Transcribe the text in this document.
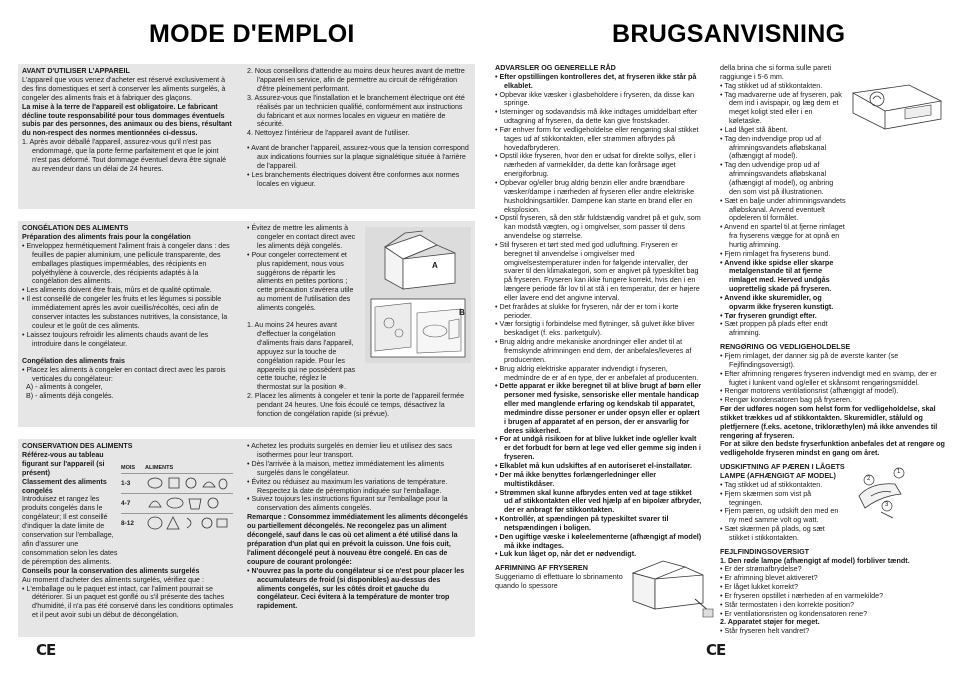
MODE D'EMPLOI	BRUGSANVISNING

AVANT D'UTILISER L'APPAREIL

L'appareil que vous venez d'acheter est réservé exclusivement à des fins domestiques et sert à conserver les aliments surgelés, à congeler des aliments frais et à fabriquer des glaçons.

La mise à la terre de l'appareil est obligatoire. Le fabricant décline toute responsabilité pour tous dommages éventuels subis par des personnes, des animaux ou des biens, résultant du non-respect des normes mentionnées ci-dessus.

1. Après avoir déballé l'appareil, assurez-vous qu'il n'est pas endommagé, que la porte ferme parfaitement et que le joint n'est pas déformé. Tout dommage éventuel devra être signalé au revendeur dans un délai de 24 heures.

2. Nous conseillons d'attendre au moins deux heures avant de mettre l'appareil en service, afin de permettre au circuit de réfrigération d'être pleinement performant.

3. Assurez-vous que l'installation et le branchement électrique ont été réalisés par un technicien qualifié, conformément aux instructions du fabricant et aux normes locales en vigueur en matière de sécurité.

4. Nettoyez l'intérieur de l'appareil avant de l'utiliser.

• Avant de brancher l'appareil, assurez-vous que la tension correspond aux indications fournies sur la plaque signalétique située à l'arrière de l'appareil.

• Les branchements électriques doivent être conformes aux normes locales en vigueur.

CONGÉLATION DES ALIMENTS

Préparation des aliments frais pour la congélation

• Enveloppez hermétiquement l'aliment frais à congeler dans : des feuilles de papier aluminium, une pellicule transparente, des emballages plastiques imperméables, des récipients en polyéthylène à couvercle, des récipients adaptés à la congélation des aliments.

• Les aliments doivent être frais, mûrs et de qualité optimale.

• Il est conseillé de congeler les fruits et les légumes si possible immédiatement après les avoir cueillis/récoltés, ceci afin de conserver intactes les substances nutritives, la consistance, la couleur et le goût de ces aliments.

• Laissez toujours refroidir les aliments chauds avant de les introduire dans le congélateur.

Congélation des aliments frais

• Placez les aliments à congeler en contact direct avec les parois verticales du congélateur:

A) - aliments à congeler,

B) - aliments déjà congelés.

• Évitez de mettre les aliments à congeler en contact direct avec les aliments déjà congelés.

• Pour congeler correctement et plus rapidement, nous vous suggérons de répartir les aliments en petites portions ; cette précaution s'avérera utile au moment de l'utilisation des aliments congelés.

1. Au moins 24 heures avant d'effectuer la congélation d'aliments frais dans l'appareil, appuyez sur la touche de congélation rapide. Pour les appareils qui ne possèdent pas cette touche, réglez le thermostat sur la position ❄.

2. Placez les aliments à congeler et tenir la porte de l'appareil fermée pendant 24 heures. Une fois écoulé ce temps, désactivez la fonction de congélation rapide (si prévue).

A
B

CONSERVATION DES ALIMENTS

Référez-vous au tableau figurant sur l'appareil (si présent)

Classement des aliments congelés

Introduisez et rangez les produits congelés dans le congélateur; Il est conseillé d'indiquer la date limite de conservation sur l'emballage, afin d'assurer une consommation selon les dates de péremption des aliments.

Conseils pour la conservation des aliments surgelés

Au moment d'acheter des aliments surgelés, vérifiez que :

• L'emballage ou le paquet est intact, car l'aliment pourrait se détériorer. Si un paquet est gonflé ou s'il présente des taches d'humidité, il n'a pas été conservé dans les conditions optimales et il peut avoir subi un début de décongélation.

MOIS	ALIMENTS
1-3	
4-7	
8-12	

• Achetez les produits surgelés en dernier lieu et utilisez des sacs isothermes pour leur transport.

• Dès l'arrivée à la maison, mettez immédiatement les aliments surgelés dans le congélateur.

• Évitez ou réduisez au maximum les variations de température. Respectez la date de péremption indiquée sur l'emballage.

• Suivez toujours les instructions figurant sur l'emballage pour la conservation des aliments congelés.

Remarque : Consommez immédiatement les aliments décongelés ou partiellement décongelés. Ne recongelez pas un aliment décongelé, sauf dans le cas où cet aliment a été utilisé dans la préparation d'un plat qui en prévoit la cuisson. Une fois cuit, l'aliment décongelé peut à nouveau être congelé. En cas de coupure de courant prolongée:

• N'ouvrez pas la porte du congélateur si ce n'est pour placer les accumulateurs de froid (si disponibles) au-dessus des aliments congelés, sur les côtés droit et gauche du congélateur. Ceci évitera à la température de monter trop rapidement.

ADVARSLER OG GENERELLE RÅD

• Efter opstillingen kontrolleres det, at fryseren ikke står på elkablet.

• Opbevar ikke væsker i glasbeholdere i fryseren, da disse kan springe.

• Isterninger og sodavandsis må ikke indtages umiddelbart efter udtagning af fryseren, da dette kan give frostskader.

• Før enhver form for vedligeholdelse eller rengøring skal stikket tages ud af stikkontakten, eller strømmen afbrydes på hovedafbryderen.

• Opstil ikke fryseren, hvor den er udsat for direkte sollys, eller i nærheden af varmekilder, da dette kan forårsage øget energiforbrug.

• Opbevar og/eller brug aldrig benzin eller andre brændbare væsker/dampe i nærheden af fryseren eller andre elektriske husholdningsartikler. Dampene kan starte en brand eller en eksplosion.

• Opstil fryseren, så den står fuldstændig vandret på et gulv, som kan modstå vægten, og i omgivelser, som passer til dens anvendelse og størrelse.

• Stil fryseren et tørt sted med god udluftning. Fryseren er beregnet til anvendelse i omgivelser med omgivelsestemperaturer inden for følgende intervaller, der svarer til den klimakategori, som er angivet på typeskiltet bag på fryseren. Fryseren kan ikke fungere korrekt, hvis den i en længere periode får lov til at stå i en temperatur, der er højere eller lavere end det angivne interval.

• Det frarådes at slukke for fryseren, når der er tom i korte perioder.

• Vær forsigtig i forbindelse med flytninger, så gulvet ikke bliver beskadiget (f. eks. parketgulv).

• Brug aldrig andre mekaniske anordninger eller andet til at fremskynde afrimningen end dem, der anbefales/leveres af producenten.

• Brug aldrig elektriske apparater indvendigt i fryseren, medmindre de er af en type, der er anbefalet af producenten.

• Dette apparat er ikke beregnet til at blive brugt af børn eller personer med fysiske, sensoriske eller mentale handicap eller med manglende erfaring og kendskab til apparatet, medmindre disse personer er under opsyn eller er oplært i brugen af apparatet af en person, der er ansvarlig for deres sikkerhed.

• For at undgå risikoen for at blive lukket inde og/eller kvalt er det forbudt for børn at lege ved eller gemme sig inden i fryseren.

• Elkablet må kun udskiftes af en autoriseret el-installatør.

• Der må ikke benyttes forlængerledninger eller multistikdåser.

• Strømmen skal kunne afbrydes enten ved at tage stikket ud af stikkontakten eller ved hjælp af en bipolær afbryder, der er anbragt før stikkontakten.

• Kontrollér, at spændingen på typeskiltet svarer til netspændingen i boligen.

• Den ugiftige væske i køleelementerne (afhængigt af model) må ikke indtages.

• Luk kun låget op, når det er nødvendigt.

AFRIMNING AF FRYSEREN

Suggeriamo di effettuare lo sbrinamento quando lo spessore

della brina che si forma sulle pareti raggiunge i 5-6 mm.

• Tag stikket ud af stikkontakten.

• Tag madvarerne ude af fryseren, pak dem ind i avispapir, og læg dem et meget koligt sted eller i en køletaske.

• Lad låget stå åbent.

• Tag den indvendige prop ud af afrimningsvandets afløbskanal (afhængigt af model).

• Tag den udvendige prop ud af afrimningsvandets afløbskanal (afhængigt af model), og anbring den som vist på illustrationen.

• Sæt en balje under afrimningsvandets afløbskanal. Anvend eventuelt opdeleren til formålet.

• Anvend en spartel til at fjerne rimlaget fra fryserens vægge for at opnå en hurtig afrimning.

• Fjern rimlaget fra fryserens bund.

• Anvend ikke spidse eller skarpe metalgenstande til at fjerne rimlaget med. Herved undgås uoprettelig skade på fryseren.

• Anvend ikke skuremidler, og opvarm ikke fryseren kunstigt.

• Tør fryseren grundigt efter.

• Sæt proppen på plads efter endt afrimning.

RENGØRING OG VEDLIGEHOLDELSE

• Fjern rimlaget, der danner sig på de øverste kanter (se Fejlfindingsoversigt).

• Efter afrimning rengøres fryseren indvendigt med en svamp, der er fugtet i lunkent vand og/eller et skånsomt rengøringsmiddel.

• Rengør motorens ventilationsrist (afhængigt af model).

• Rengør kondensatoren bag på fryseren.

Før der udføres nogen som helst form for vedligeholdelse, skal stikket trækkes ud af stikkontakten. Skuremidler, ståluld og pletfjernere (f.eks. acetone, trikloræthylen) må ikke anvendes til rengøring af fryseren.

For at sikre den bedste fryserfunktion anbefales det at rengøre og vedligeholde fryseren mindst en gang om året.

UDSKIFTNING AF PÆREN I LÅGETS LAMPE (AFHÆNGIGT AF MODEL)

• Tag stikket ud af stikkontakten.

• Fjern skærmen som vist på tegningen.

• Fjern pæren, og udskift den med en ny med samme volt og watt.

• Sæt skærmen på plads, og sæt stikket i stikkontakten.

FEJLFINDINGSOVERSIGT

1. Den røde lampe (afhængigt af model) forbliver tændt.

• Er der strømafbrydelse?

• Er afrimning blevet aktiveret?

• Er låget lukket korrekt?

• Er fryseren opstillet i nærheden af en varmekilde?

• Står termostaten i den korrekte position?

• Er ventilationsristen og kondensatoren rene?

2. Apparatet støjer for meget.

• Står fryseren helt vandret?

1
2
3
CE	CE
